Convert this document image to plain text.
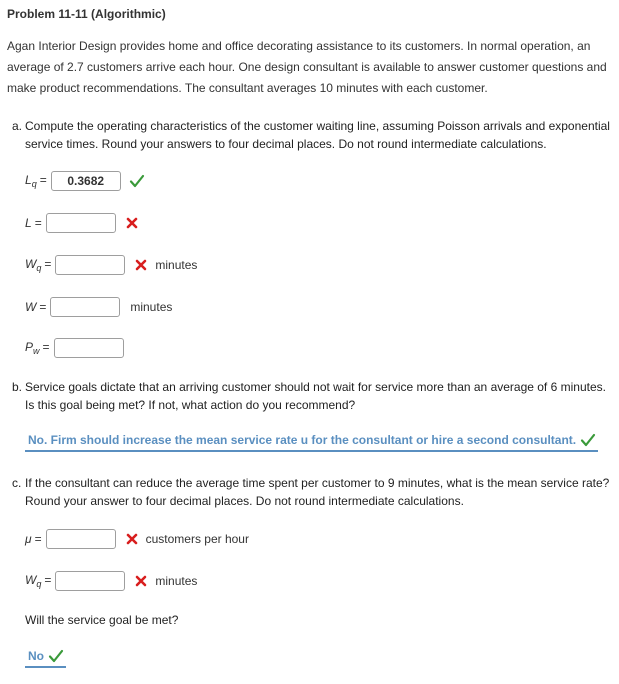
Problem 11-11 (Algorithmic)
Agan Interior Design provides home and office decorating assistance to its customers. In normal operation, an average of 2.7 customers arrive each hour. One design consultant is available to answer customer questions and make product recommendations. The consultant averages 10 minutes with each customer.
a. Compute the operating characteristics of the customer waiting line, assuming Poisson arrivals and exponential service times. Round your answers to four decimal places. Do not round intermediate calculations.
$L_q$ =
0.3682
L =
$W_q$ =	minutes
W =	minutes
$P_w$ =
b. Service goals dictate that an arriving customer should not wait for service more than an average of 6 minutes. Is this goal being met? If not, what action do you recommend?
No. Firm should increase the mean service rate u for the consultant or hire a second consultant.
c. If the consultant can reduce the average time spent per customer to 9 minutes, what is the mean service rate? Round your answer to four decimal places. Do not round intermediate calculations.
μ =	customers per hour
$W_q$ =	minutes
Will the service goal be met?
No
